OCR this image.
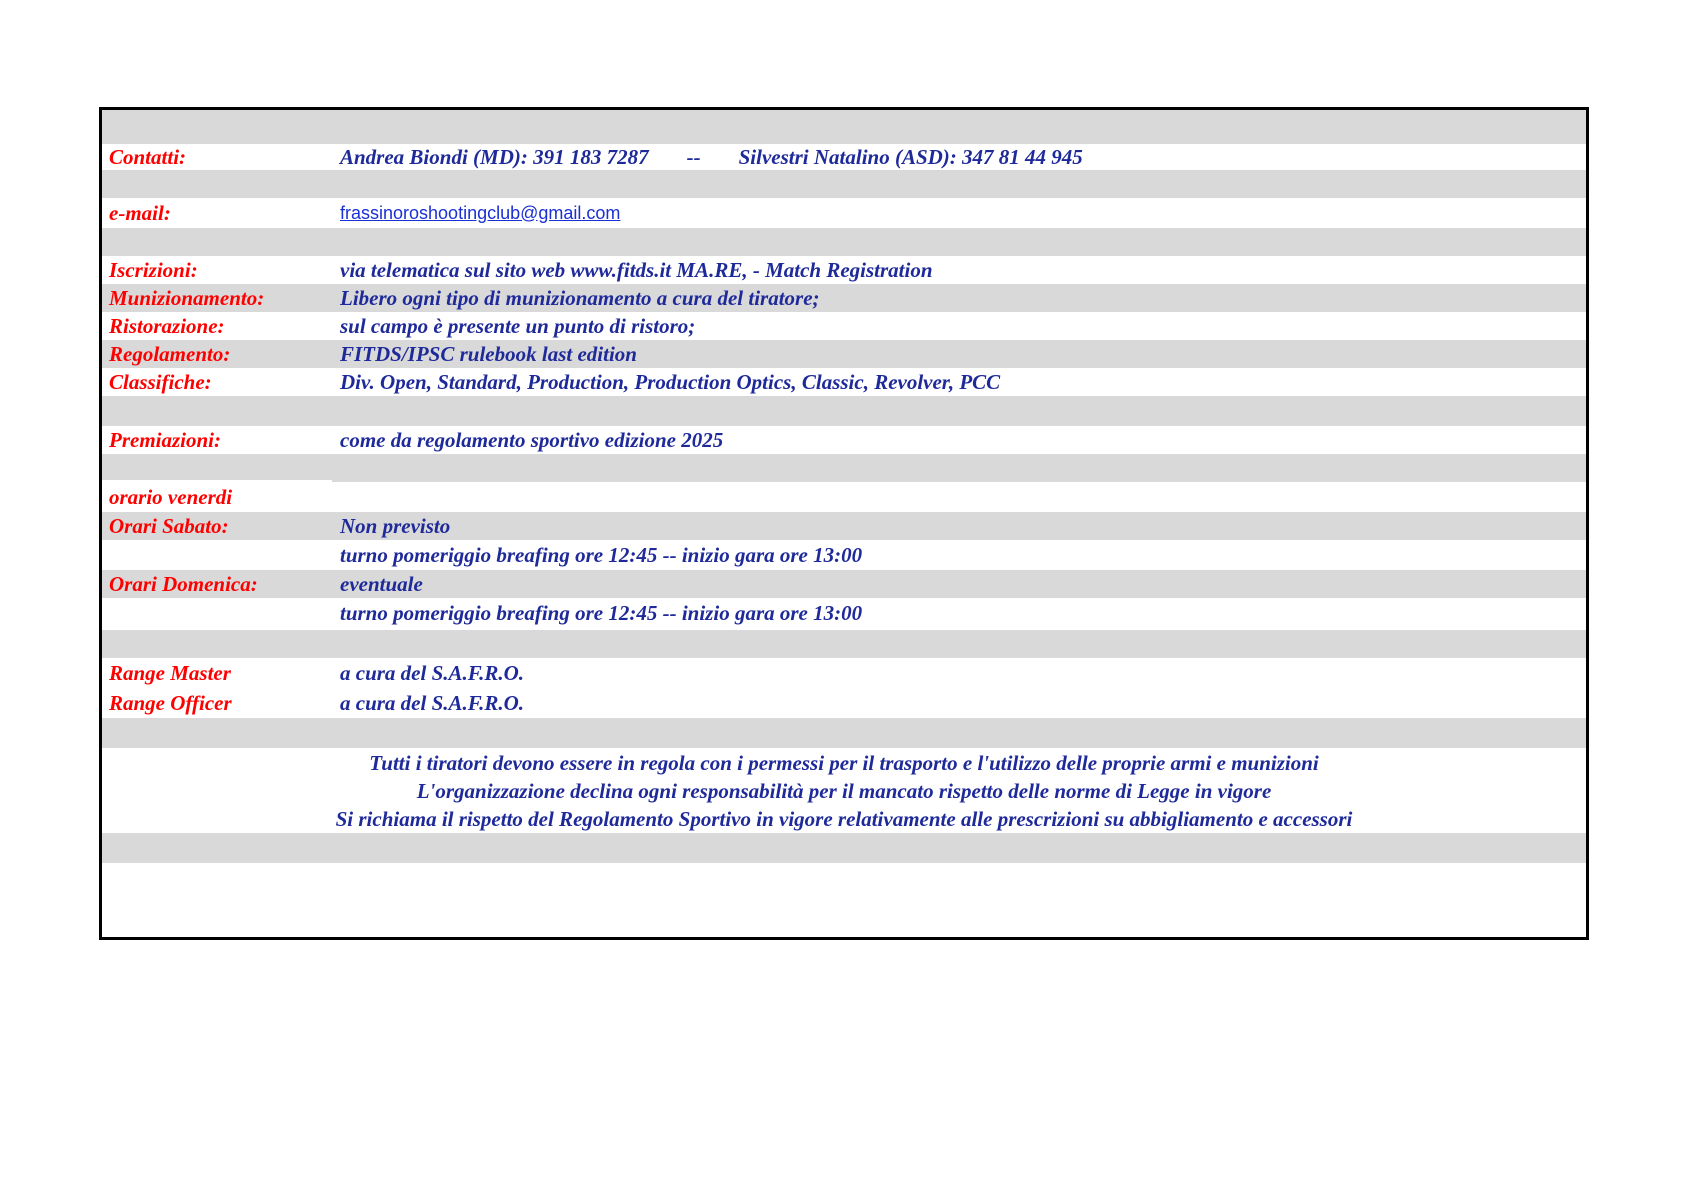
Contatti:	Andrea Biondi (MD): 391 183 7287 -- Silvestri Natalino (ASD): 347 81 44 945
e-mail:	frassinoroshootingclub@gmail.com
Iscrizioni:	via telematica sul sito web www.fitds.it MA.RE, - Match Registration
Munizionamento:	Libero ogni tipo di munizionamento a cura del tiratore;
Ristorazione:	sul campo è presente un punto di ristoro;
Regolamento:	FITDS/IPSC rulebook last edition
Classifiche:	Div. Open, Standard, Production, Production Optics, Classic, Revolver, PCC
Premiazioni:	come da regolamento sportivo edizione 2025
orario venerdi
Orari Sabato:	Non previsto
turno pomeriggio breafing ore 12:45 -- inizio gara ore 13:00
Orari Domenica:	eventuale
turno pomeriggio breafing ore 12:45 -- inizio gara ore 13:00
Range Master	a cura del S.A.F.R.O.
Range Officer	a cura del S.A.F.R.O.
Tutti i tiratori devono essere in regola con i permessi per il trasporto e l'utilizzo delle proprie armi e munizioni
L'organizzazione declina ogni responsabilità per il mancato rispetto delle norme di Legge in vigore
Si richiama il rispetto del Regolamento Sportivo in vigore relativamente alle prescrizioni su abbigliamento e accessori
